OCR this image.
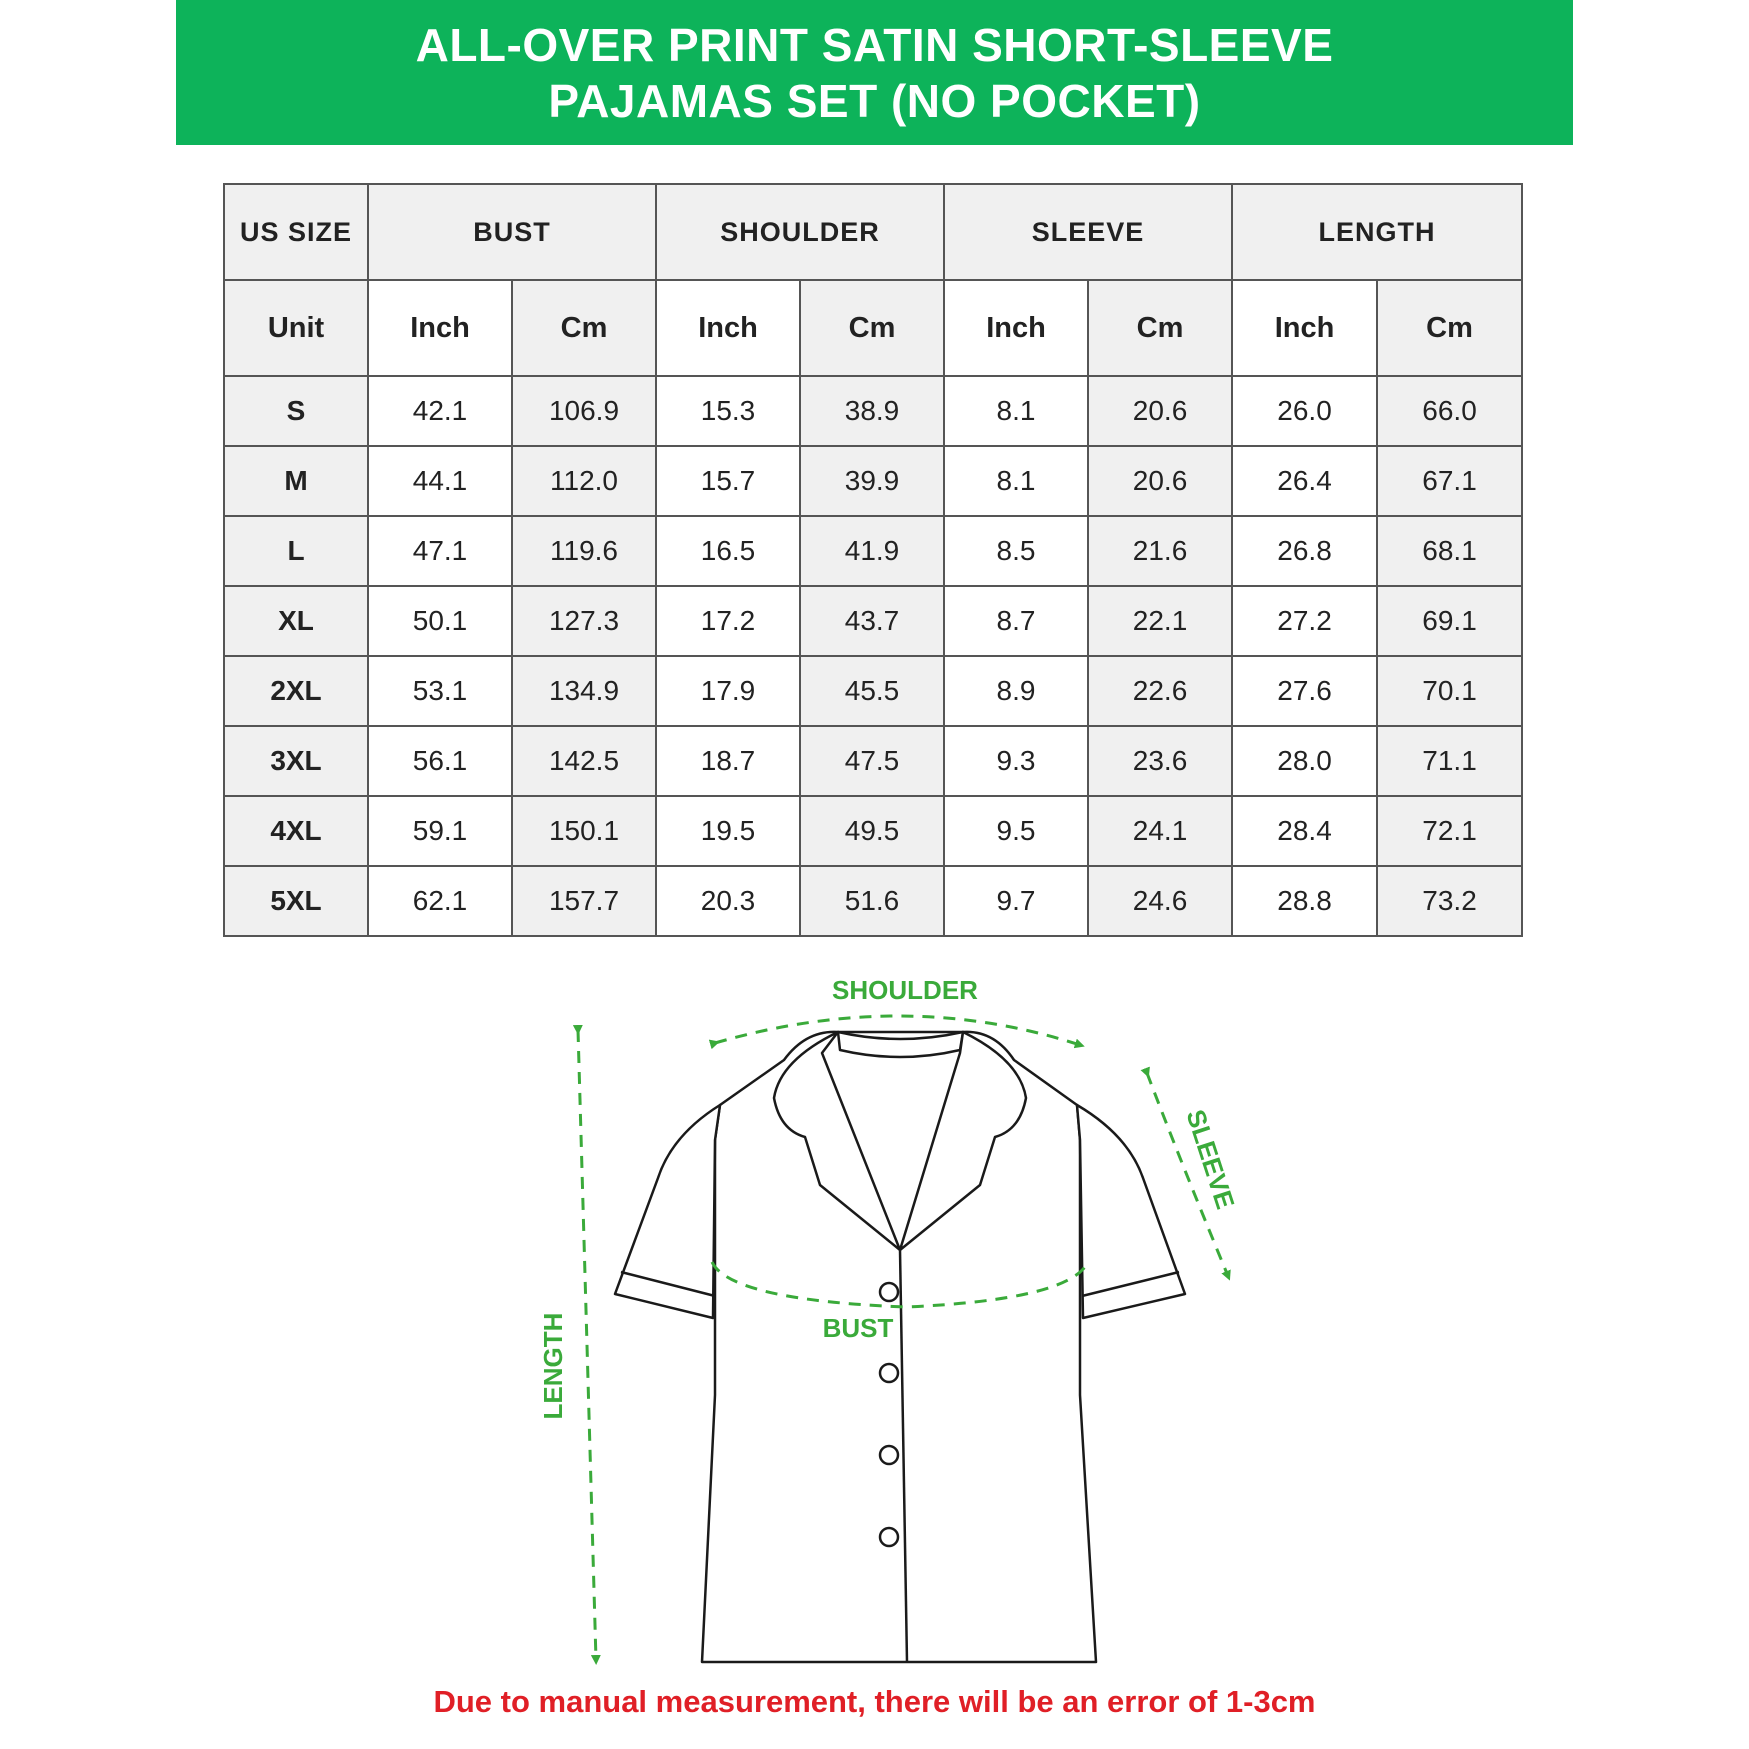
ALL-OVER PRINT SATIN SHORT-SLEEVE
PAJAMAS SET (NO POCKET)
US SIZE	BUST		SHOULDER		SLEEVE		LENGTH	
Unit	Inch	Cm	Inch	Cm	Inch	Cm	Inch	Cm
S	42.1	106.9	15.3	38.9	8.1	20.6	26.0	66.0
M	44.1	112.0	15.7	39.9	8.1	20.6	26.4	67.1
L	47.1	119.6	16.5	41.9	8.5	21.6	26.8	68.1
XL	50.1	127.3	17.2	43.7	8.7	22.1	27.2	69.1
2XL	53.1	134.9	17.9	45.5	8.9	22.6	27.6	70.1
3XL	56.1	142.5	18.7	47.5	9.3	23.6	28.0	71.1
4XL	59.1	150.1	19.5	49.5	9.5	24.1	28.4	72.1
5XL	62.1	157.7	20.3	51.6	9.7	24.6	28.8	73.2
SHOULDER
BUST
SLEEVE
LENGTH
Due to manual measurement, there will be an error of 1-3cm
